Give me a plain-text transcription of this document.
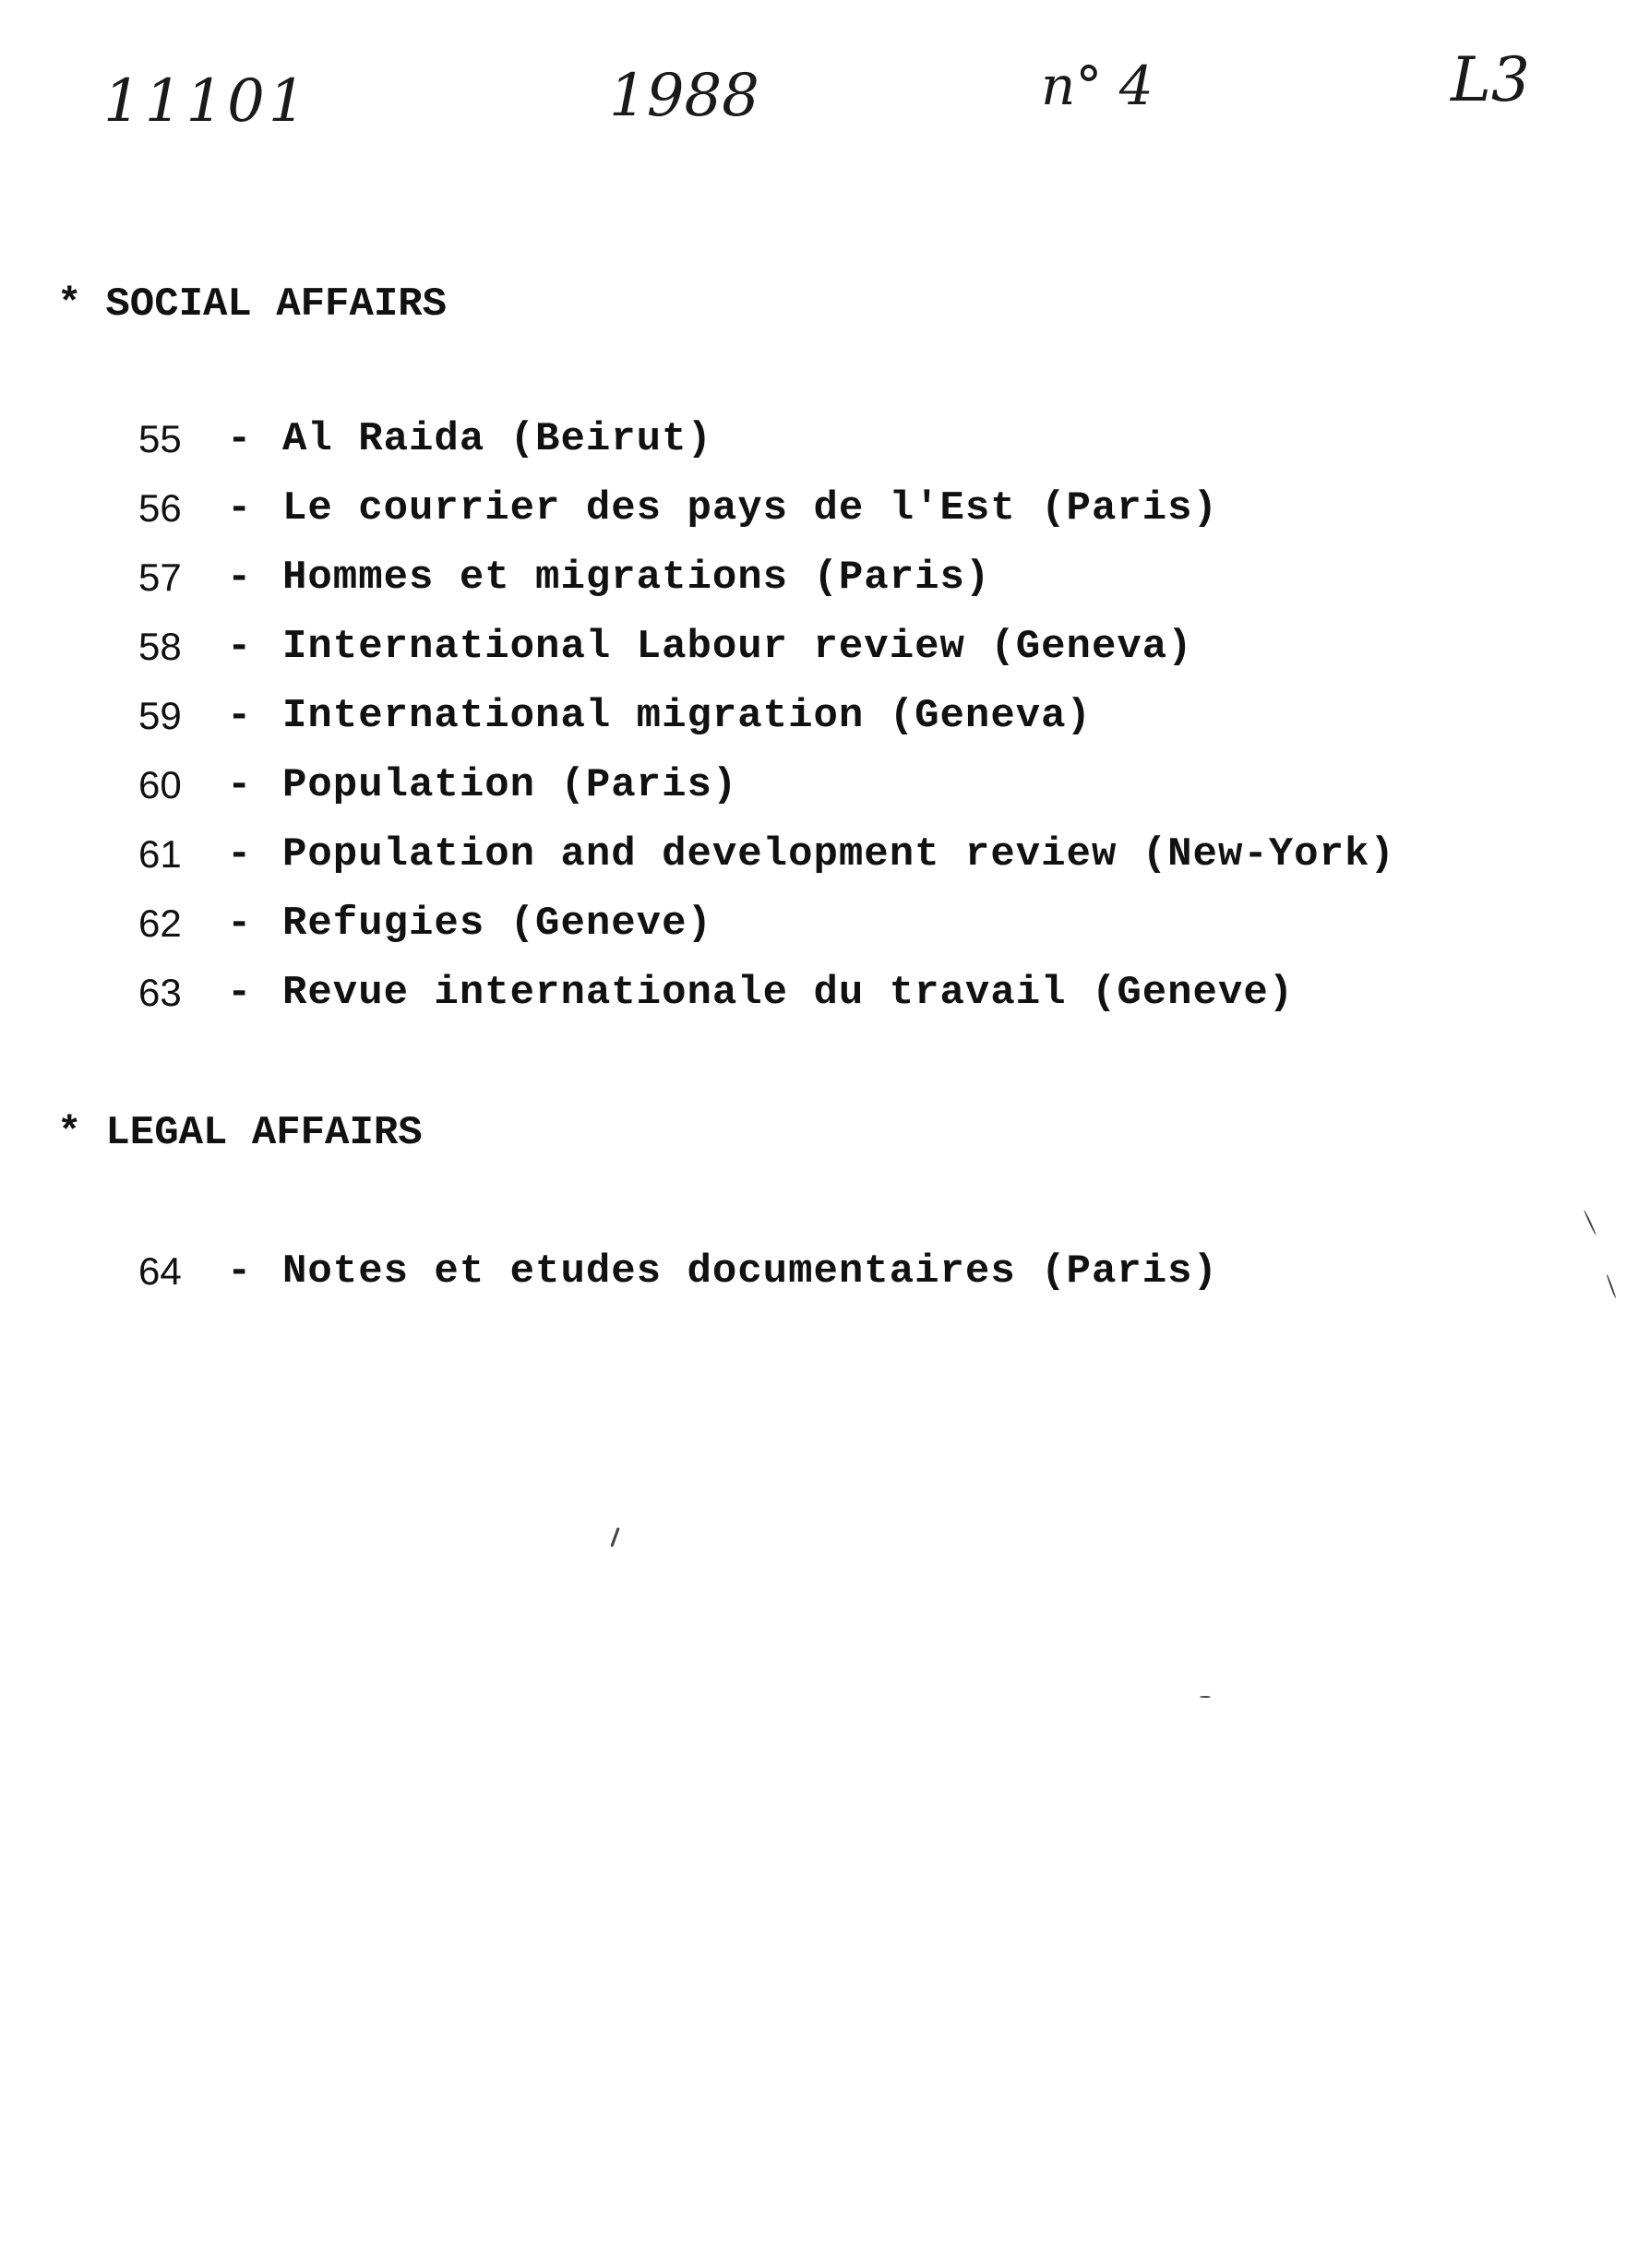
11101	1988	n° 4	L3
* SOCIAL AFFAIRS
55	- Al Raida (Beirut)
56	- Le courrier des pays de l'Est (Paris)
57	- Hommes et migrations (Paris)
58	- International Labour review (Geneva)
59	- International migration (Geneva)
60	- Population (Paris)
61	- Population and development review (New-York)
62	- Refugies (Geneve)
63	- Revue internationale du travail (Geneve)
* LEGAL AFFAIRS
64	- Notes et etudes documentaires (Paris)
